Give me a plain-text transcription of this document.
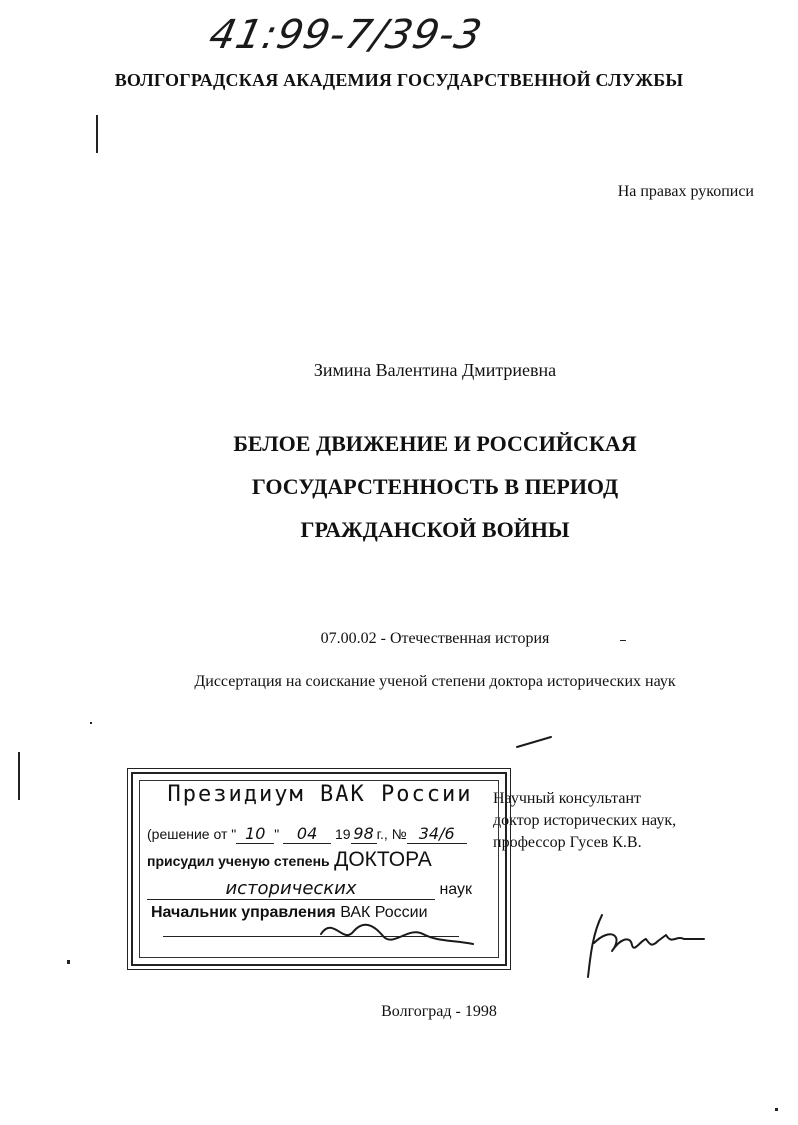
41:99-7/39-3
ВОЛГОГРАДСКАЯ АКАДЕМИЯ ГОСУДАРСТВЕННОЙ СЛУЖБЫ
На правах рукописи
Зимина Валентина Дмитриевна
БЕЛОЕ ДВИЖЕНИЕ И РОССИЙСКАЯ
ГОСУДАРСТЕННОСТЬ В ПЕРИОД
ГРАЖДАНСКОЙ ВОЙНЫ
07.00.02 - Отечественная история
Диссертация на соискание ученой степени доктора исторических наук
Научный консультант
доктор исторических наук,
профессор Гусев К.В.
Президиум ВАК России
(решение от " 10 " 04 19 98 г., № 34/6
присудил ученую степень ДОКТОРА
исторических	наук
Начальник управления ВАК России
Волгоград - 1998
